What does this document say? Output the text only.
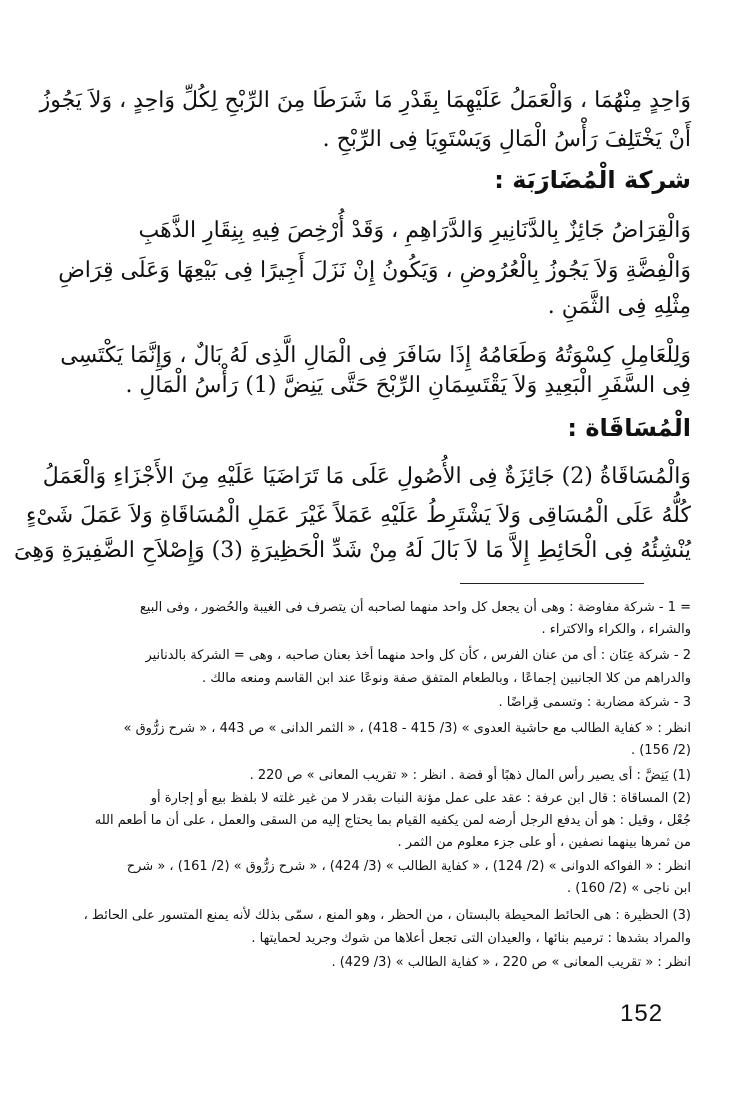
وَاحِدٍ مِنْهُمَا ، وَالْعَمَلُ عَلَيْهِمَا بِقَدْرِ مَا شَرَطَا مِنَ الرِّبْحِ لِكُلِّ وَاحِدٍ ، وَلاَ يَجُوزُ
أَنْ يَخْتَلِفَ رَأْسُ الْمَالِ وَيَسْتَوِيَا فِى الرِّبْحِ .
شركة الْمُضَارَبَة :
وَالْقِرَاضُ جَائِزٌ بِالدَّنَانِيرِ وَالدَّرَاهِمِ ، وَقَدْ أُرْخِصَ فِيهِ بِنِقَارِ الذَّهَبِ
وَالْفِضَّةِ وَلاَ يَجُوزُ بِالْعُرُوضِ ، وَيَكُونُ إِنْ نَزَلَ أَجِيرًا فِى بَيْعِهَا وَعَلَى قِرَاضِ
مِثْلِهِ فِى الثَّمَنِ .
وَلِلْعَامِلِ كِسْوَتُهُ وَطَعَامُهُ إِذَا سَافَرَ فِى الْمَالِ الَّذِى لَهُ بَالٌ ، وَإِنَّمَا يَكْتَسِى
فِى السَّفَرِ الْبَعِيدِ وَلاَ يَقْتَسِمَانِ الرِّبْحَ حَتَّى يَنِضَّ (1) رَأْسُ الْمَالِ .
الْمُسَاقَاة :
وَالْمُسَاقَاةُ (2) جَائِزَةٌ فِى الأُصُولِ عَلَى مَا تَرَاضَيَا عَلَيْهِ مِنَ الأَجْزَاءِ وَالْعَمَلُ
كُلُّهُ عَلَى الْمُسَاقِى وَلاَ يَشْتَرِطُ عَلَيْهِ عَمَلاً غَيْرَ عَمَلِ الْمُسَاقَاةِ وَلاَ عَمَلَ شَىْءٍ
يُنْشِئُهُ فِى الْحَائِطِ إِلاَّ مَا لاَ بَالَ لَهُ مِنْ شَدِّ الْحَظِيرَةِ (3) وَإِصْلاَحِ الضَّفِيرَةِ وَهِىَ
= 1 - شركة مفاوضة : وهى أن يجعل كل واحد منهما لصاحبه أن يتصرف فى الغيبة والحُضور ، وفى البيع
والشراء ، والكراء والاكتراء .
2 - شركة عِنَان : أى من عنان الفرس ، كأن كل واحد منهما أخذ بعنان صاحبه ، وهى = الشركة بالدنانير
والدراهم من كلا الجانبين إجماعًا ، وبالطعام المتفق صفة ونوعًا عند ابن القاسم ومنعه مالك .
3 - شركة مضاربة : وتسمى قِراضًا .
انظر : « كفاية الطالب مع حاشية العدوى » (3/ 415 - 418) ، « الثمر الدانى » ص 443 ، « شرح زرُّوق »
(2/ 156) .
(1) يَنِضَّ : أى يصير رأس المال ذهبًا أو فضة . انظر : « تقريب المعانى » ص 220 .
(2) المساقاة : قال ابن عرفة : عقد على عمل مؤنة النبات بقدر لا من غير غلته لا بلفظ بيع أو إجارة أو
جُعْل ، وقيل : هو أن يدفع الرجل أرضه لمن يكفيه القيام بما يحتاج إليه من السقى والعمل ، على أن ما أطعم الله
من ثمرها بينهما نصفين ، أو على جزء معلوم من الثمر .
انظر : « الفواكه الدوانى » (2/ 124) ، « كفاية الطالب » (3/ 424) ، « شرح زرُّوق » (2/ 161) ، « شرح
ابن ناجى » (2/ 160) .
(3) الحظيرة : هى الحائط المحيطة بالبستان ، من الحظر ، وهو المنع ، سمّى بذلك لأنه يمنع المتسور على الحائط ،
والمراد بشدها : ترميم بنائها ، والعيدان التى تجعل أعلاها من شوك وجريد لحمايتها .
انظر : « تقريب المعانى » ص 220 ، « كفاية الطالب » (3/ 429) .
152
